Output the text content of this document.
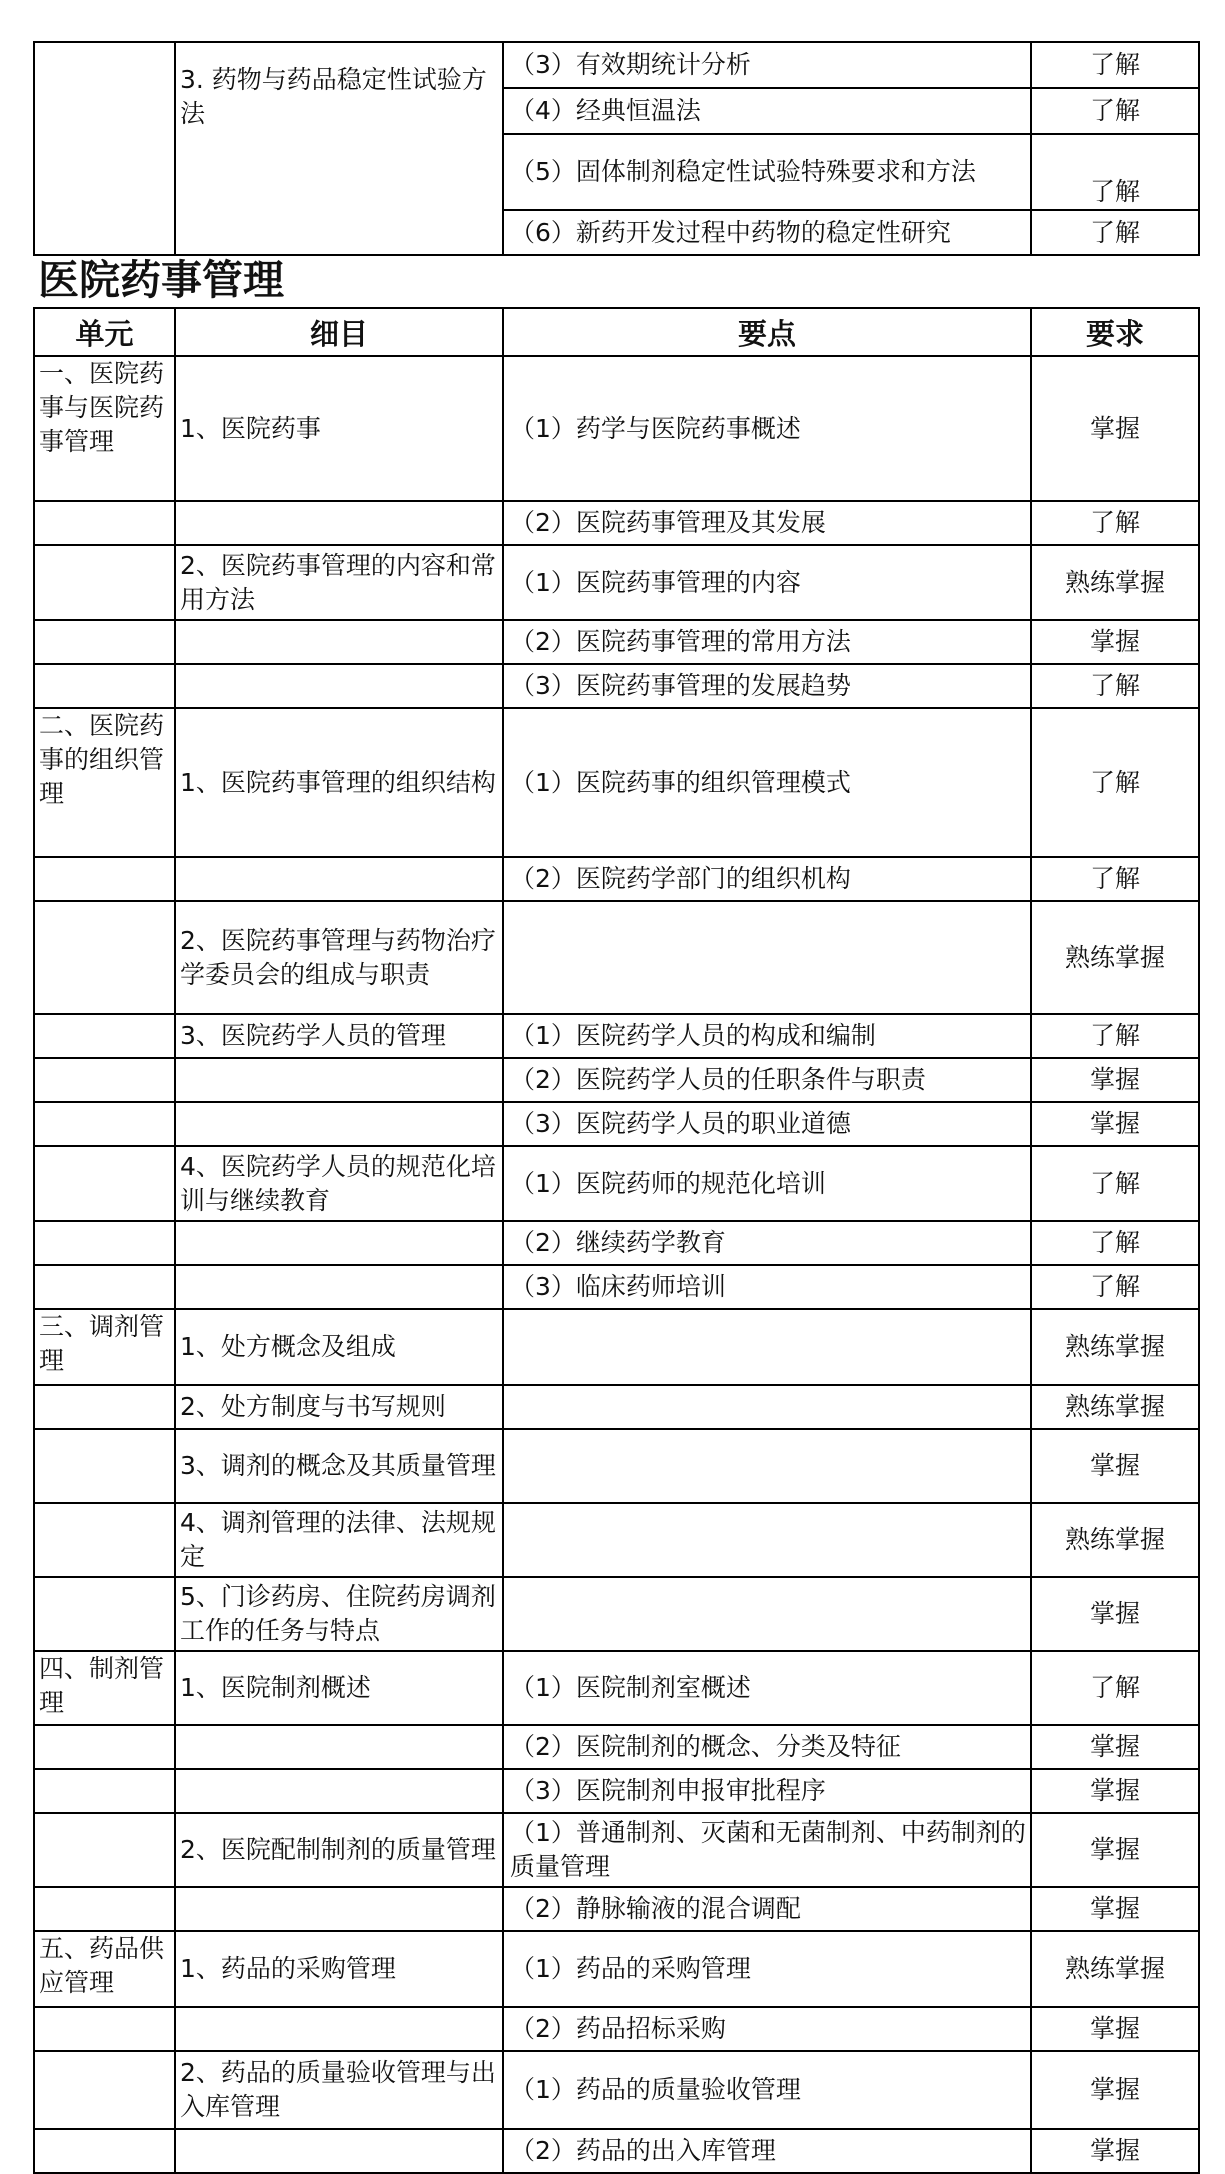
	3. 药物与药品稳定性试验方法	（3）有效期统计分析	了解
		（4）经典恒温法	了解
		（5）固体制剂稳定性试验特殊要求和方法	了解
		（6）新药开发过程中药物的稳定性研究	了解
医院药事管理
单元	细目	要点	要求
一、医院药事与医院药事管理	1、医院药事	（1）药学与医院药事概述	掌握
		（2）医院药事管理及其发展	了解
	2、医院药事管理的内容和常用方法	（1）医院药事管理的内容	熟练掌握
		（2）医院药事管理的常用方法	掌握
		（3）医院药事管理的发展趋势	了解
二、医院药事的组织管理	1、医院药事管理的组织结构	（1）医院药事的组织管理模式	了解
		（2）医院药学部门的组织机构	了解
	2、医院药事管理与药物治疗学委员会的组成与职责		熟练掌握
	3、医院药学人员的管理	（1）医院药学人员的构成和编制	了解
		（2）医院药学人员的任职条件与职责	掌握
		（3）医院药学人员的职业道德	掌握
	4、医院药学人员的规范化培训与继续教育	（1）医院药师的规范化培训	了解
		（2）继续药学教育	了解
		（3）临床药师培训	了解
三、调剂管理	1、处方概念及组成		熟练掌握
	2、处方制度与书写规则		熟练掌握
	3、调剂的概念及其质量管理		掌握
	4、调剂管理的法律、法规规定		熟练掌握
	5、门诊药房、住院药房调剂工作的任务与特点		掌握
四、制剂管理	1、医院制剂概述	（1）医院制剂室概述	了解
		（2）医院制剂的概念、分类及特征	掌握
		（3）医院制剂申报审批程序	掌握
	2、医院配制制剂的质量管理	（1）普通制剂、灭菌和无菌制剂、中药制剂的质量管理	掌握
		（2）静脉输液的混合调配	掌握
五、药品供应管理	1、药品的采购管理	（1）药品的采购管理	熟练掌握
		（2）药品招标采购	掌握
	2、药品的质量验收管理与出入库管理	（1）药品的质量验收管理	掌握
		（2）药品的出入库管理	掌握
